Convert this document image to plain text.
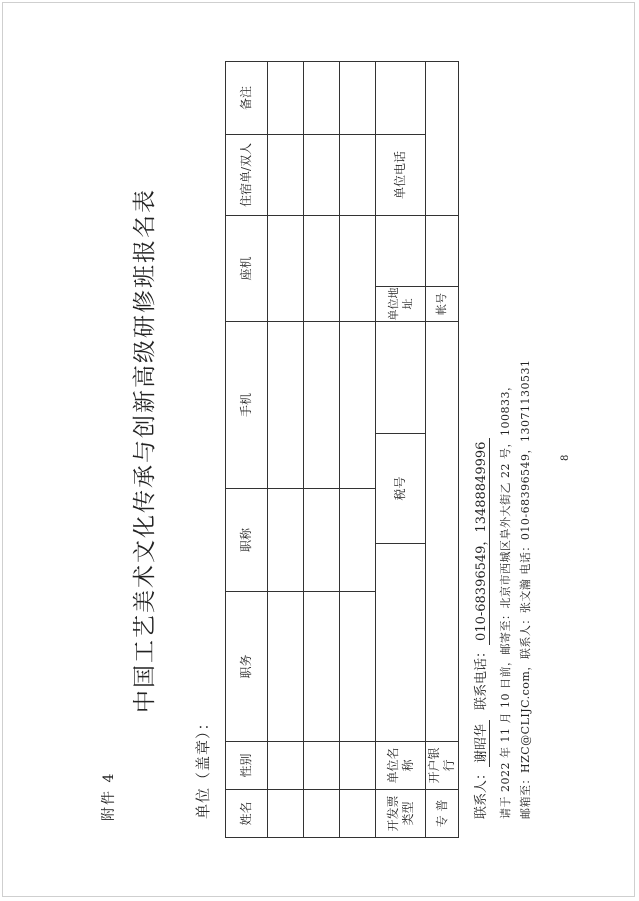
附件 4
中国工艺美术文化传承与创新高级研修班报名表
单位（盖章）： 姓名	性别	职务	职称		手机		座机	住宿单/双人	备注

开发票类型	单位名称			税号			单位地址	单位电话	
专 普	开户银行						帐号		

联系人：谢昭华联系电话：010-68396549，13488849996 请于 2022 年 11 月 10 日前，邮寄至：北京市西城区阜外大街乙 22 号，100833， 邮箱至：HZC@CLIJC.com，联系人：张文瀚 电话：010-68396549，13071130531	8
